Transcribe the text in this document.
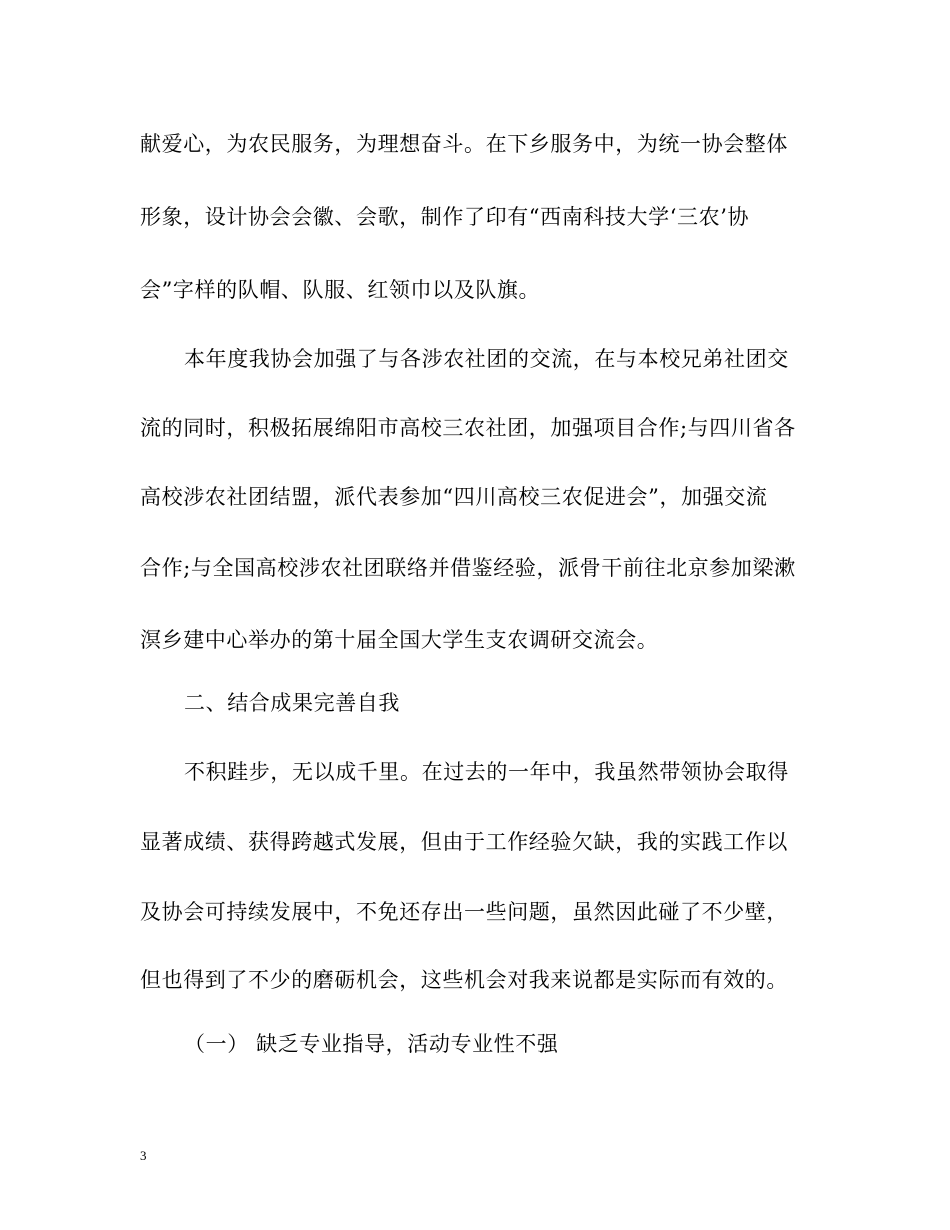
献爱心，为农民服务，为理想奋斗。在下乡服务中，为统一协会整体
形象，设计协会会徽、会歌，制作了印有“西南科技大学‘三农’协
会”字样的队帽、队服、红领巾以及队旗。
本年度我协会加强了与各涉农社团的交流，在与本校兄弟社团交
流的同时，积极拓展绵阳市高校三农社团，加强项目合作;与四川省各
高校涉农社团结盟，派代表参加“四川高校三农促进会”，加强交流
合作;与全国高校涉农社团联络并借鉴经验，派骨干前往北京参加梁漱
溟乡建中心举办的第十届全国大学生支农调研交流会。
二、结合成果完善自我
不积跬步，无以成千里。在过去的一年中，我虽然带领协会取得
显著成绩、获得跨越式发展，但由于工作经验欠缺，我的实践工作以
及协会可持续发展中，不免还存出一些问题，虽然因此碰了不少壁，
但也得到了不少的磨砺机会，这些机会对我来说都是实际而有效的。
（一） 缺乏专业指导，活动专业性不强
3
